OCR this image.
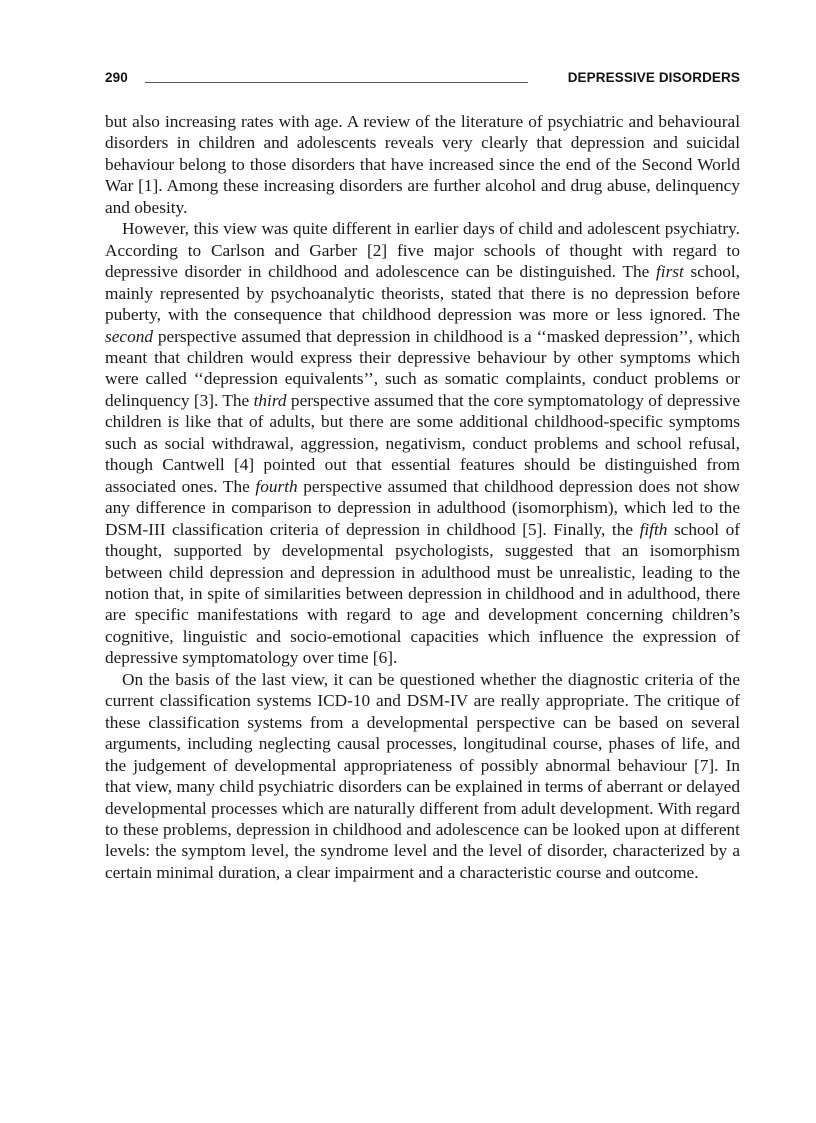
290	DEPRESSIVE DISORDERS

but also increasing rates with age. A review of the literature of psychiatric and behavioural disorders in children and adolescents reveals very clearly that depression and suicidal behaviour belong to those disorders that have increased since the end of the Second World War [1]. Among these increasing disorders are further alcohol and drug abuse, delinquency and obesity.

However, this view was quite different in earlier days of child and adolescent psychiatry. According to Carlson and Garber [2] five major schools of thought with regard to depressive disorder in childhood and adolescence can be distinguished. The first school, mainly represented by psychoanalytic theorists, stated that there is no depression before puberty, with the consequence that childhood depression was more or less ignored. The second perspective assumed that depression in childhood is a ‘‘masked depression’’, which meant that children would express their depressive behaviour by other symptoms which were called ‘‘depression equivalents’’, such as somatic complaints, conduct problems or delinquency [3]. The third perspective assumed that the core symptomatology of depressive children is like that of adults, but there are some additional childhood-specific symptoms such as social withdrawal, aggression, negativism, conduct problems and school refusal, though Cantwell [4] pointed out that essential features should be distinguished from associated ones. The fourth perspective assumed that childhood depression does not show any difference in comparison to depression in adulthood (isomorphism), which led to the DSM-III classification criteria of depression in childhood [5]. Finally, the fifth school of thought, supported by developmental psychologists, suggested that an isomorphism between child depression and depression in adulthood must be unrealistic, leading to the notion that, in spite of similarities between depression in childhood and in adulthood, there are specific manifestations with regard to age and development concerning children’s cognitive, linguistic and socio-emotional capacities which influence the expression of depressive symptomatology over time [6].

On the basis of the last view, it can be questioned whether the diagnostic criteria of the current classification systems ICD-10 and DSM-IV are really appropriate. The critique of these classification systems from a developmental perspective can be based on several arguments, including neglecting causal processes, longitudinal course, phases of life, and the judgement of developmental appropriateness of possibly abnormal behaviour [7]. In that view, many child psychiatric disorders can be explained in terms of aberrant or delayed developmental processes which are naturally different from adult development. With regard to these problems, depression in childhood and adolescence can be looked upon at different levels: the symptom level, the syndrome level and the level of disorder, characterized by a certain minimal duration, a clear impairment and a characteristic course and outcome.
